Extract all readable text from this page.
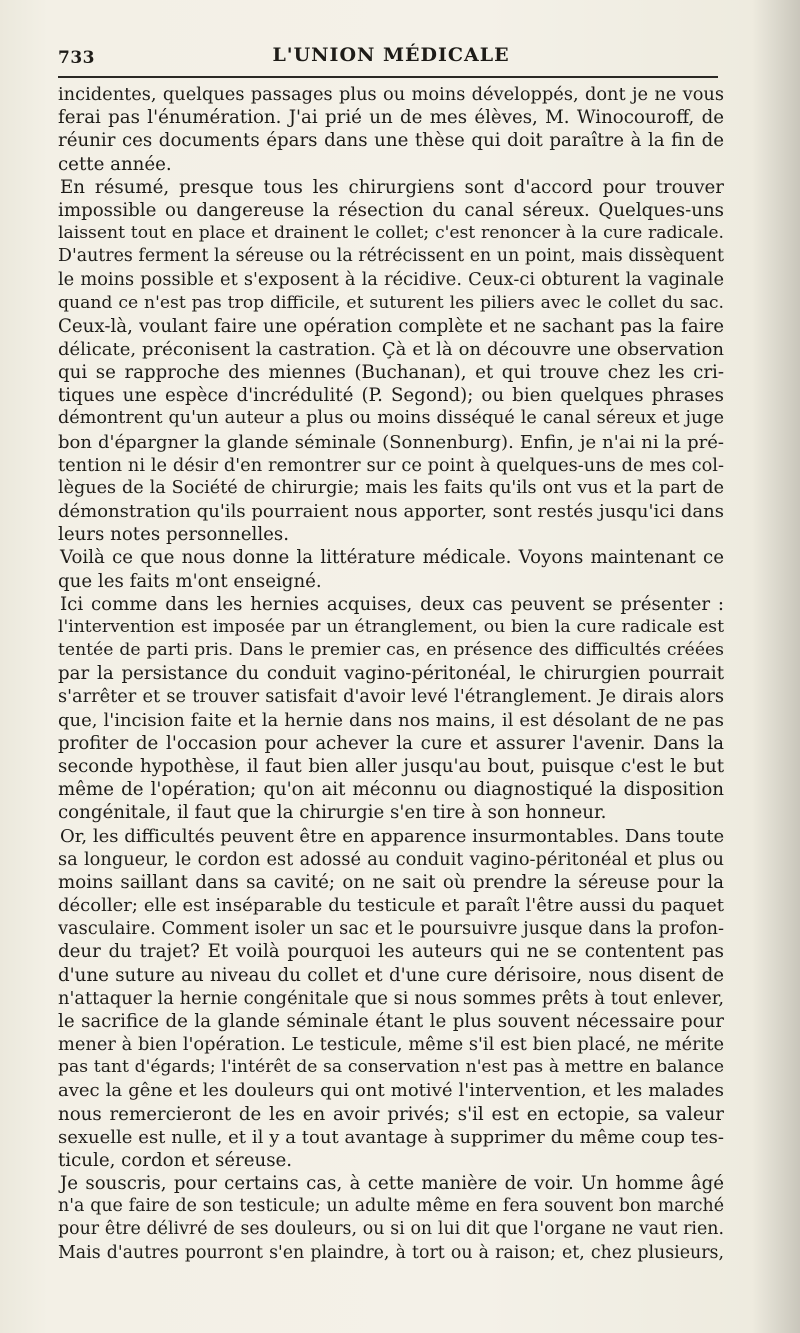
733	L'UNION MÉDICALE
incidentes, quelques passages plus ou moins développés, dont je ne vous
ferai pas l'énumération. J'ai prié un de mes élèves, M. Winocouroff, de
réunir ces documents épars dans une thèse qui doit paraître à la fin de
cette année.
En résumé, presque tous les chirurgiens sont d'accord pour trouver
impossible ou dangereuse la résection du canal séreux. Quelques-uns
laissent tout en place et drainent le collet; c'est renoncer à la cure radicale.
D'autres ferment la séreuse ou la rétrécissent en un point, mais dissèquent
le moins possible et s'exposent à la récidive. Ceux-ci obturent la vaginale
quand ce n'est pas trop difficile, et suturent les piliers avec le collet du sac.
Ceux-là, voulant faire une opération complète et ne sachant pas la faire
délicate, préconisent la castration. Çà et là on découvre une observation
qui se rapproche des miennes (Buchanan), et qui trouve chez les cri-
tiques une espèce d'incrédulité (P. Segond); ou bien quelques phrases
démontrent qu'un auteur a plus ou moins disséqué le canal séreux et juge
bon d'épargner la glande séminale (Sonnenburg). Enfin, je n'ai ni la pré-
tention ni le désir d'en remontrer sur ce point à quelques-uns de mes col-
lègues de la Société de chirurgie; mais les faits qu'ils ont vus et la part de
démonstration qu'ils pourraient nous apporter, sont restés jusqu'ici dans
leurs notes personnelles.
Voilà ce que nous donne la littérature médicale. Voyons maintenant ce
que les faits m'ont enseigné.
Ici comme dans les hernies acquises, deux cas peuvent se présenter :
l'intervention est imposée par un étranglement, ou bien la cure radicale est
tentée de parti pris. Dans le premier cas, en présence des difficultés créées
par la persistance du conduit vagino-péritonéal, le chirurgien pourrait
s'arrêter et se trouver satisfait d'avoir levé l'étranglement. Je dirais alors
que, l'incision faite et la hernie dans nos mains, il est désolant de ne pas
profiter de l'occasion pour achever la cure et assurer l'avenir. Dans la
seconde hypothèse, il faut bien aller jusqu'au bout, puisque c'est le but
même de l'opération; qu'on ait méconnu ou diagnostiqué la disposition
congénitale, il faut que la chirurgie s'en tire à son honneur.
Or, les difficultés peuvent être en apparence insurmontables. Dans toute
sa longueur, le cordon est adossé au conduit vagino-péritonéal et plus ou
moins saillant dans sa cavité; on ne sait où prendre la séreuse pour la
décoller; elle est inséparable du testicule et paraît l'être aussi du paquet
vasculaire. Comment isoler un sac et le poursuivre jusque dans la profon-
deur du trajet? Et voilà pourquoi les auteurs qui ne se contentent pas
d'une suture au niveau du collet et d'une cure dérisoire, nous disent de
n'attaquer la hernie congénitale que si nous sommes prêts à tout enlever,
le sacrifice de la glande séminale étant le plus souvent nécessaire pour
mener à bien l'opération. Le testicule, même s'il est bien placé, ne mérite
pas tant d'égards; l'intérêt de sa conservation n'est pas à mettre en balance
avec la gêne et les douleurs qui ont motivé l'intervention, et les malades
nous remercieront de les en avoir privés; s'il est en ectopie, sa valeur
sexuelle est nulle, et il y a tout avantage à supprimer du même coup tes-
ticule, cordon et séreuse.
Je souscris, pour certains cas, à cette manière de voir. Un homme âgé
n'a que faire de son testicule; un adulte même en fera souvent bon marché
pour être délivré de ses douleurs, ou si on lui dit que l'organe ne vaut rien.
Mais d'autres pourront s'en plaindre, à tort ou à raison; et, chez plusieurs,
